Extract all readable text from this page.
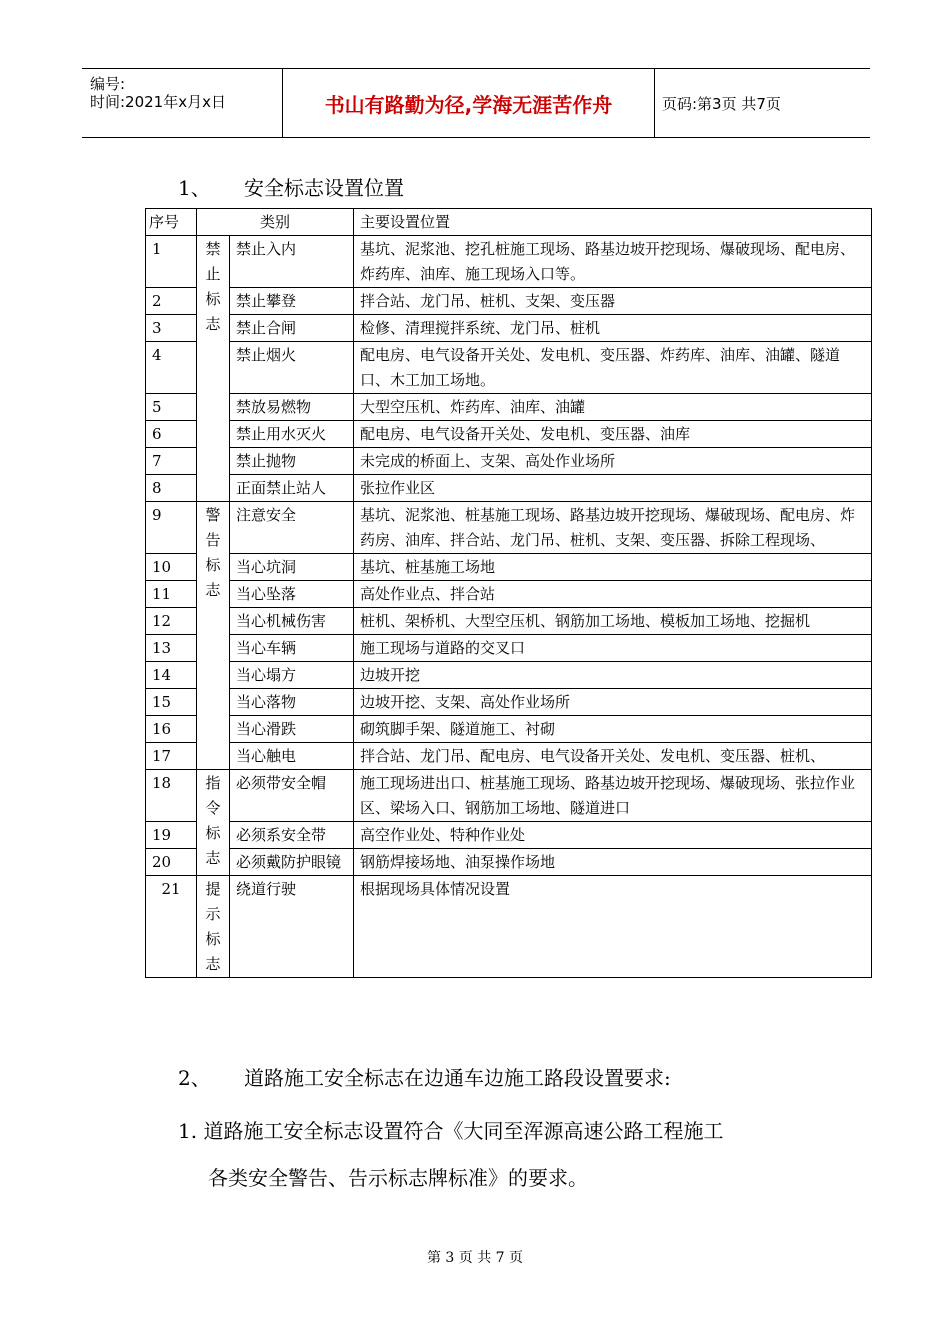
编号:
时间:2021年x月x日	书山有路勤为径,学海无涯苦作舟	页码:第3页 共7页
1、 安全标志设置位置
序号	类别		主要设置位置
1	禁
止
标
志	禁止入内	基坑、泥浆池、挖孔桩施工现场、路基边坡开挖现场、爆破现场、配电房、炸药库、油库、施工现场入口等。
2		禁止攀登	拌合站、龙门吊、桩机、支架、变压器
3		禁止合闸	检修、清理搅拌系统、龙门吊、桩机
4		禁止烟火	配电房、电气设备开关处、发电机、变压器、炸药库、油库、油罐、隧道口、木工加工场地。
5		禁放易燃物	大型空压机、炸药库、油库、油罐
6		禁止用水灭火	配电房、电气设备开关处、发电机、变压器、油库
7		禁止抛物	未完成的桥面上、支架、高处作业场所
8		正面禁止站人	张拉作业区
9	警
告
标
志	注意安全	基坑、泥浆池、桩基施工现场、路基边坡开挖现场、爆破现场、配电房、炸药房、油库、拌合站、龙门吊、桩机、支架、变压器、拆除工程现场、
10		当心坑洞	基坑、桩基施工场地
11		当心坠落	高处作业点、拌合站
12		当心机械伤害	桩机、架桥机、大型空压机、钢筋加工场地、模板加工场地、挖掘机
13		当心车辆	施工现场与道路的交叉口
14		当心塌方	边坡开挖
15		当心落物	边坡开挖、支架、高处作业场所
16		当心滑跌	砌筑脚手架、隧道施工、衬砌
17		当心触电	拌合站、龙门吊、配电房、电气设备开关处、发电机、变压器、桩机、
18	指
令
标
志	必须带安全帽	施工现场进出口、桩基施工现场、路基边坡开挖现场、爆破现场、张拉作业区、梁场入口、钢筋加工场地、隧道进口
19		必须系安全带	高空作业处、特种作业处
20		必须戴防护眼镜	钢筋焊接场地、油泵操作场地
21	提
示
标
志	绕道行驶	根据现场具体情况设置
2、 道路施工安全标志在边通车边施工路段设置要求:
1. 道路施工安全标志设置符合《大同至浑源高速公路工程施工
各类安全警告、告示标志牌标准》的要求。
第 3 页 共 7 页
